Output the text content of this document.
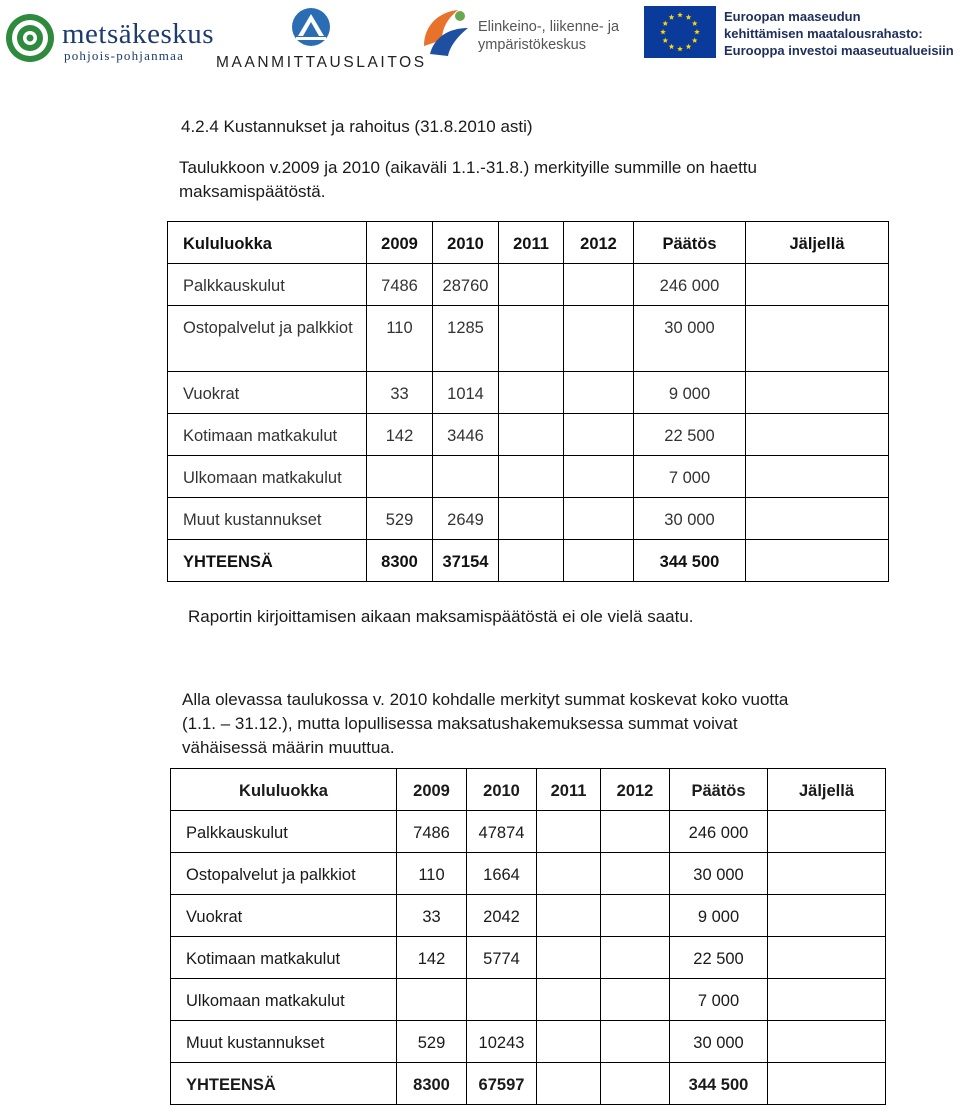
metsäkeskus
pohjois-pohjanmaa MAANMITTAUSLAITOS
Elinkeino-, liikenne- ja
ympäristökeskus
Euroopan maaseudun
kehittämisen maatalousrahasto:
Eurooppa investoi maaseutualueisiin
4.2.4 Kustannukset ja rahoitus (31.8.2010 asti)
Taulukkoon v.2009 ja 2010 (aikaväli 1.1.-31.8.) merkityille summille on haettu
maksamispäätöstä.
Kululuokka	2009	2010	2011	2012	Päätös	Jäljellä

Palkkauskulut	7486	28760			246 000	

Ostopalvelut ja palkkiot	110	1285			30 000	

Vuokrat	33	1014			9 000	

Kotimaan matkakulut	142	3446			22 500	

Ulkomaan matkakulut					7 000	

Muut kustannukset	529	2649			30 000	

YHTEENSÄ	8300	37154			344 500	

Raportin kirjoittamisen aikaan maksamispäätöstä ei ole vielä saatu.
Alla olevassa taulukossa v. 2010 kohdalle merkityt summat koskevat koko vuotta
(1.1. – 31.12.), mutta lopullisessa maksatushakemuksessa summat voivat
vähäisessä määrin muuttua.
Kululuokka	2009	2010	2011	2012	Päätös	Jäljellä

Palkkauskulut	7486	47874			246 000	

Ostopalvelut ja palkkiot	110	1664			30 000	

Vuokrat	33	2042			9 000	

Kotimaan matkakulut	142	5774			22 500	

Ulkomaan matkakulut					7 000	

Muut kustannukset	529	10243			30 000	

YHTEENSÄ	8300	67597			344 500	
